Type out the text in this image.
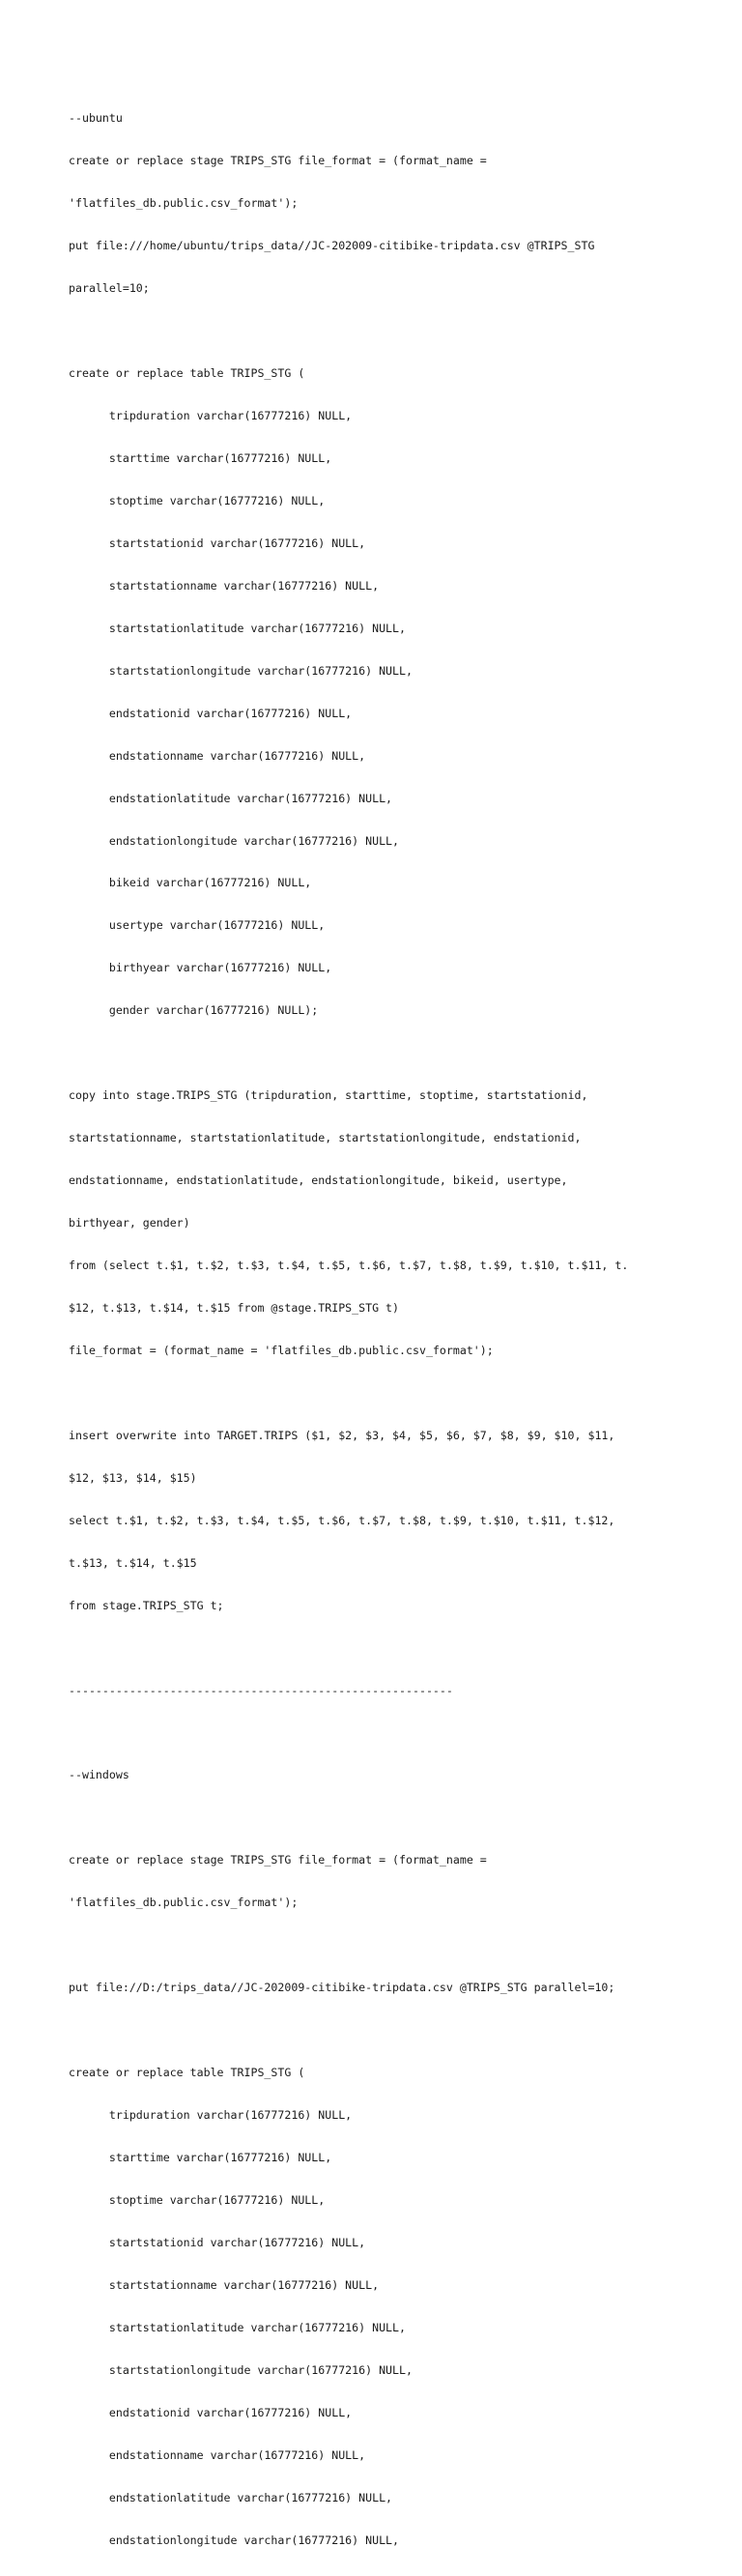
--ubuntu

create or replace stage TRIPS_STG file_format = (format_name =

'flatfiles_db.public.csv_format');

put file:///home/ubuntu/trips_data//JC-202009-citibike-tripdata.csv @TRIPS_STG

parallel=10;

create or replace table TRIPS_STG (

tripduration varchar(16777216) NULL,

starttime varchar(16777216) NULL,

stoptime varchar(16777216) NULL,

startstationid varchar(16777216) NULL,

startstationname varchar(16777216) NULL,

startstationlatitude varchar(16777216) NULL,

startstationlongitude varchar(16777216) NULL,

endstationid varchar(16777216) NULL,

endstationname varchar(16777216) NULL,

endstationlatitude varchar(16777216) NULL,

endstationlongitude varchar(16777216) NULL,

bikeid varchar(16777216) NULL,

usertype varchar(16777216) NULL,

birthyear varchar(16777216) NULL,

gender varchar(16777216) NULL);

copy into stage.TRIPS_STG (tripduration, starttime, stoptime, startstationid,

startstationname, startstationlatitude, startstationlongitude, endstationid,

endstationname, endstationlatitude, endstationlongitude, bikeid, usertype,

birthyear, gender)

from (select t.$1, t.$2, t.$3, t.$4, t.$5, t.$6, t.$7, t.$8, t.$9, t.$10, t.$11, t.

$12, t.$13, t.$14, t.$15 from @stage.TRIPS_STG t)

file_format = (format_name = 'flatfiles_db.public.csv_format');

insert overwrite into TARGET.TRIPS ($1, $2, $3, $4, $5, $6, $7, $8, $9, $10, $11,

$12, $13, $14, $15)

select t.$1, t.$2, t.$3, t.$4, t.$5, t.$6, t.$7, t.$8, t.$9, t.$10, t.$11, t.$12,

t.$13, t.$14, t.$15

from stage.TRIPS_STG t;

---------------------------------------------------------

--windows

create or replace stage TRIPS_STG file_format = (format_name =

'flatfiles_db.public.csv_format');

put file://D:/trips_data//JC-202009-citibike-tripdata.csv @TRIPS_STG parallel=10;

create or replace table TRIPS_STG (

tripduration varchar(16777216) NULL,

starttime varchar(16777216) NULL,

stoptime varchar(16777216) NULL,

startstationid varchar(16777216) NULL,

startstationname varchar(16777216) NULL,

startstationlatitude varchar(16777216) NULL,

startstationlongitude varchar(16777216) NULL,

endstationid varchar(16777216) NULL,

endstationname varchar(16777216) NULL,

endstationlatitude varchar(16777216) NULL,

endstationlongitude varchar(16777216) NULL,
